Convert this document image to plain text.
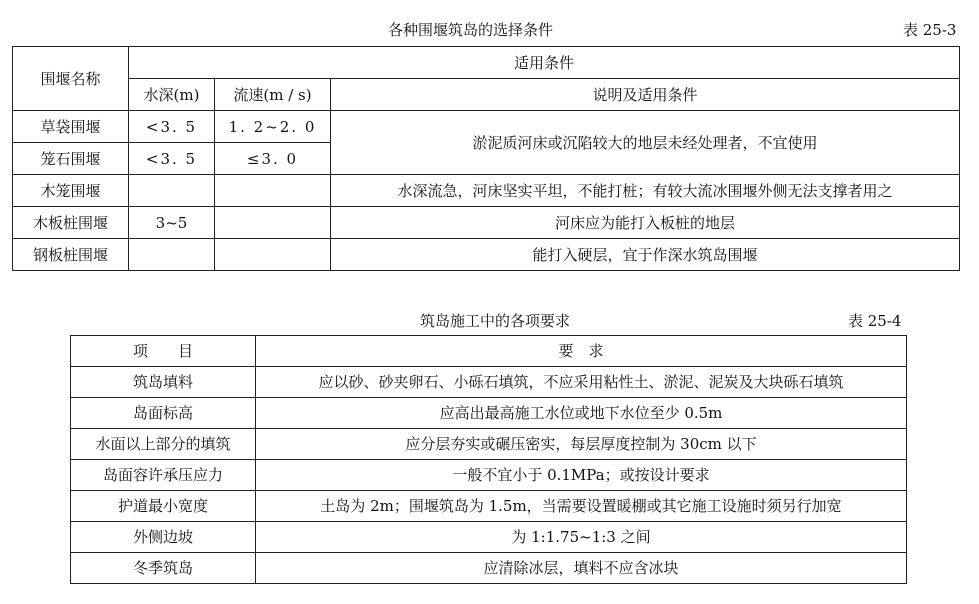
各种围堰筑岛的选择条件	表 25-3
围堰名称	适用条件		
	水深(m)	流速(m / s)	说明及适用条件
草袋围堰	<3. 5	1. 2~2. 0	淤泥质河床或沉陷较大的地层未经处理者，不宜使用
笼石围堰	<3. 5	≤3. 0	
木笼围堰			水深流急，河床坚实平坦，不能打桩；有较大流冰围堰外侧无法支撑者用之
木板桩围堰	3~5		河床应为能打入板桩的地层
钢板桩围堰			能打入硬层，宜于作深水筑岛围堰
筑岛施工中的各项要求	表 25-4
项　　目	要　求
筑岛填料	应以砂、砂夹卵石、小砾石填筑，不应采用粘性土、淤泥、泥炭及大块砾石填筑
岛面标高	应高出最高施工水位或地下水位至少 0.5m
水面以上部分的填筑	应分层夯实或碾压密实，每层厚度控制为 30cm 以下
岛面容许承压应力	一般不宜小于 0.1MPa；或按设计要求
护道最小宽度	土岛为 2m；围堰筑岛为 1.5m，当需要设置暖棚或其它施工设施时须另行加宽
外侧边坡	为 1:1.75~1:3 之间
冬季筑岛	应清除冰层，填料不应含冰块
